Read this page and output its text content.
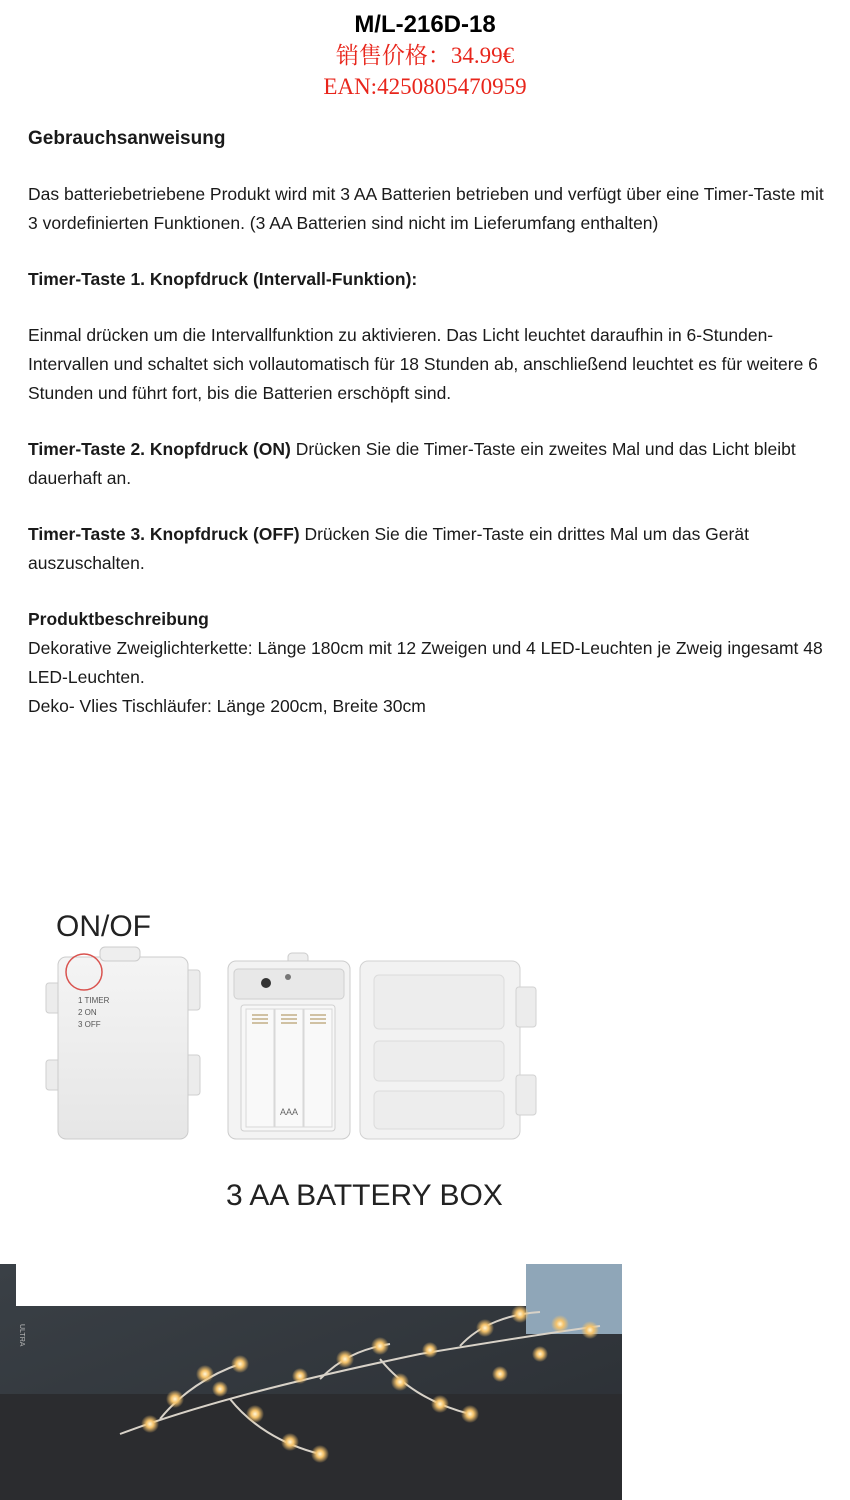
M/L-216D-18
销售价格：34.99€
EAN:4250805470959

Gebrauchsanweisung

Das batteriebetriebene Produkt wird mit 3 AA Batterien betrieben und verfügt über eine Timer-Taste mit 3 vordefinierten Funktionen. (3 AA Batterien sind nicht im Lieferumfang enthalten)

Timer-Taste 1. Knopfdruck (Intervall-Funktion):

Einmal drücken um die Intervallfunktion zu aktivieren. Das Licht leuchtet daraufhin in 6-Stunden-Intervallen und schaltet sich vollautomatisch für 18 Stunden ab, anschließend leuchtet es für weitere 6 Stunden und führt fort, bis die Batterien erschöpft sind.

Timer-Taste 2. Knopfdruck (ON) Drücken Sie die Timer-Taste ein zweites Mal und das Licht bleibt dauerhaft an.

Timer-Taste 3. Knopfdruck (OFF) Drücken Sie die Timer-Taste ein drittes Mal um das Gerät auszuschalten.

Produktbeschreibung

Dekorative Zweiglichterkette: Länge 180cm mit 12 Zweigen und 4 LED-Leuchten je Zweig ingesamt 48 LED-Leuchten.

Deko- Vlies Tischläufer: Länge 200cm, Breite 30cm

ON/OF
1 TIMER
2 ON
3 OFF
AAA
3 AA BATTERY BOX
ULTRA
